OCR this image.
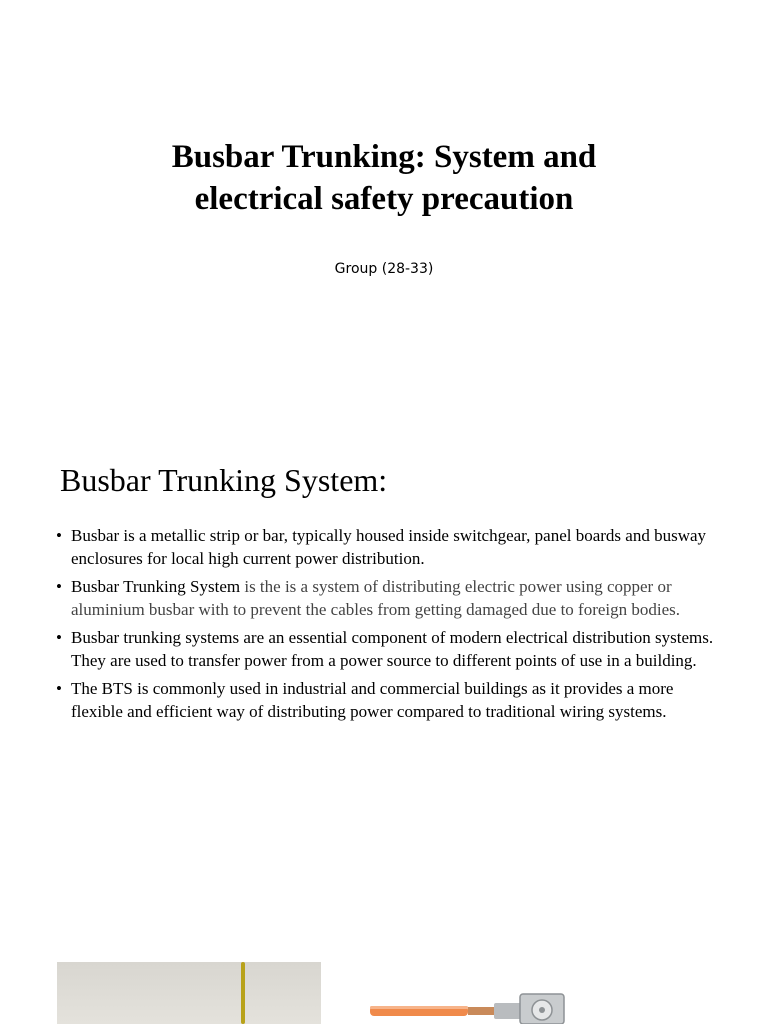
Busbar Trunking: System and
electrical safety precaution

Group (28-33)

Busbar Trunking System:
• Busbar is a metallic strip or bar, typically housed inside switchgear, panel boards and busway enclosures for local high current power distribution.
• Busbar Trunking System is the is a system of distributing electric power using copper or aluminium busbar with to prevent the cables from getting damaged due to foreign bodies.
• Busbar trunking systems are an essential component of modern electrical distribution systems. They are used to transfer power from a power source to different points of use in a building.
• The BTS is commonly used in industrial and commercial buildings as it provides a more flexible and efficient way of distributing power compared to traditional wiring systems.
